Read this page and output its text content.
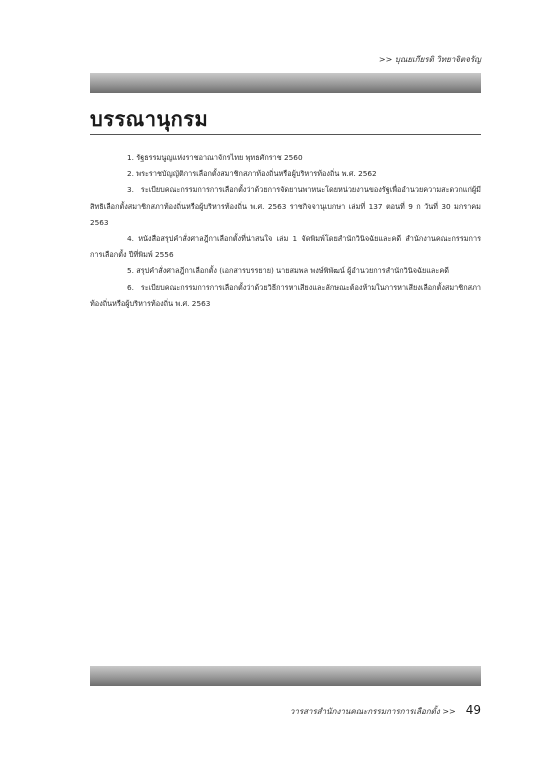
>> บุณยเกียรติ วิทยาจิตจรัญ
บรรณานุกรม

1. รัฐธรรมนูญแห่งราชอาณาจักรไทย พุทธศักราช 2560

2. พระราชบัญญัติการเลือกตั้งสมาชิกสภาท้องถิ่นหรือผู้บริหารท้องถิ่น พ.ศ. 2562

3. ระเบียบคณะกรรมการการเลือกตั้งว่าด้วยการจัดยานพาหนะโดยหน่วยงานของรัฐเพื่ออำนวยความสะดวกแก่ผู้มีสิทธิเลือกตั้งสมาชิกสภาท้องถิ่นหรือผู้บริหารท้องถิ่น พ.ศ. 2563 ราชกิจจานุเบกษา เล่มที่ 137 ตอนที่ 9 ก วันที่ 30 มกราคม 2563

4. หนังสือสรุปคำสั่งศาลฎีกาเลือกตั้งที่น่าสนใจ เล่ม 1 จัดพิมพ์โดยสำนักวินิจฉัยและคดี สำนักงานคณะกรรมการการเลือกตั้ง ปีที่พิมพ์ 2556

5. สรุปคำสั่งศาลฎีกาเลือกตั้ง (เอกสารบรรยาย) นายสมพล พงษ์พิพัฒน์ ผู้อำนวยการสำนักวินิจฉัยและคดี

6. ระเบียบคณะกรรมการการเลือกตั้งว่าด้วยวิธีการหาเสียงและลักษณะต้องห้ามในการหาเสียงเลือกตั้งสมาชิกสภาท้องถิ่นหรือผู้บริหารท้องถิ่น พ.ศ. 2563

วารสารสำนักงานคณะกรรมการการเลือกตั้ง >> 49
